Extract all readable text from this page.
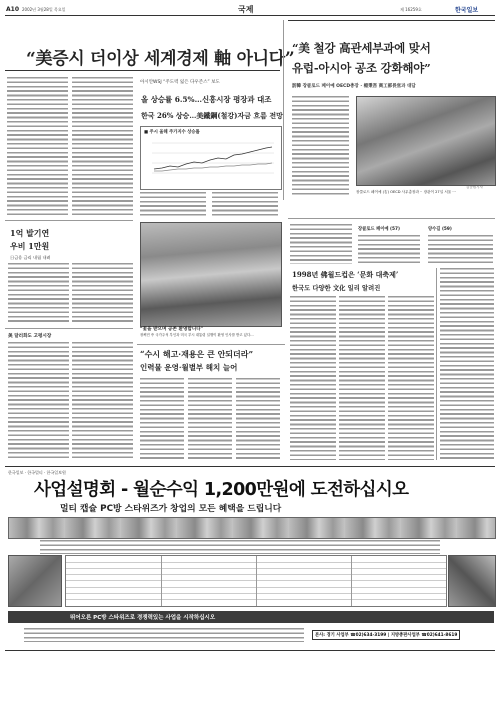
A10 2002년 3월28일 목요일	국제	제 16259호	한국일보
“美증시 더이상 세계경제 軸 아니다”
아시안WSJ “주도력 잃은 다우존스” 보도
올 상승률 6.5%…신흥시장 평장과 대조
한국 26% 상승…美鐵鋼(철강)자금 흐름 전망
■ 주시 올해 주가지수 상승률
“美 철강 高관세부과에 맞서
유럽-아시아 공조 강화해야”
訪韓 장클로드 페이예 OECD총장 · 楊秉吾 商工部長官과 대담
김준원기자
장클로드 페이예 (右) OECD 사무총장과 ·· 장관이 27일 서울 ···
1억 발기연
우비 1만원
日금융 금리 내립 내려
美 달러화도 고평시장
“꽃을 받으며 공존 환영합니다”
장쩌민 中 국가주석 부인과 미국 부시 대통령 일행이 환영 인사를 받고 있다…
“수시 해고·재용은 큰 안되더라”
인력물 운영·월별부 해치 늘어
장클로드 페이예 (57)	양수길 (59)
1998년 佛월드컵은 ‘문화 대축제’
한국도 다양한 文化 일리 알려진
한국일보 · 한국멀티 · 한국일보원
사업설명회 - 월순수익 1,200만원에 도전하십시오
멀티 캡슐 PC방 스타위즈가 창업의 모든 혜택을 드립니다
뛰어오른 PC방 스타위즈로 경쟁력있는 사업을 시작하십시오
본사: 경기 사업부 ☎02)634-3199 | 지방총판사업부 ☎02)641-8619
